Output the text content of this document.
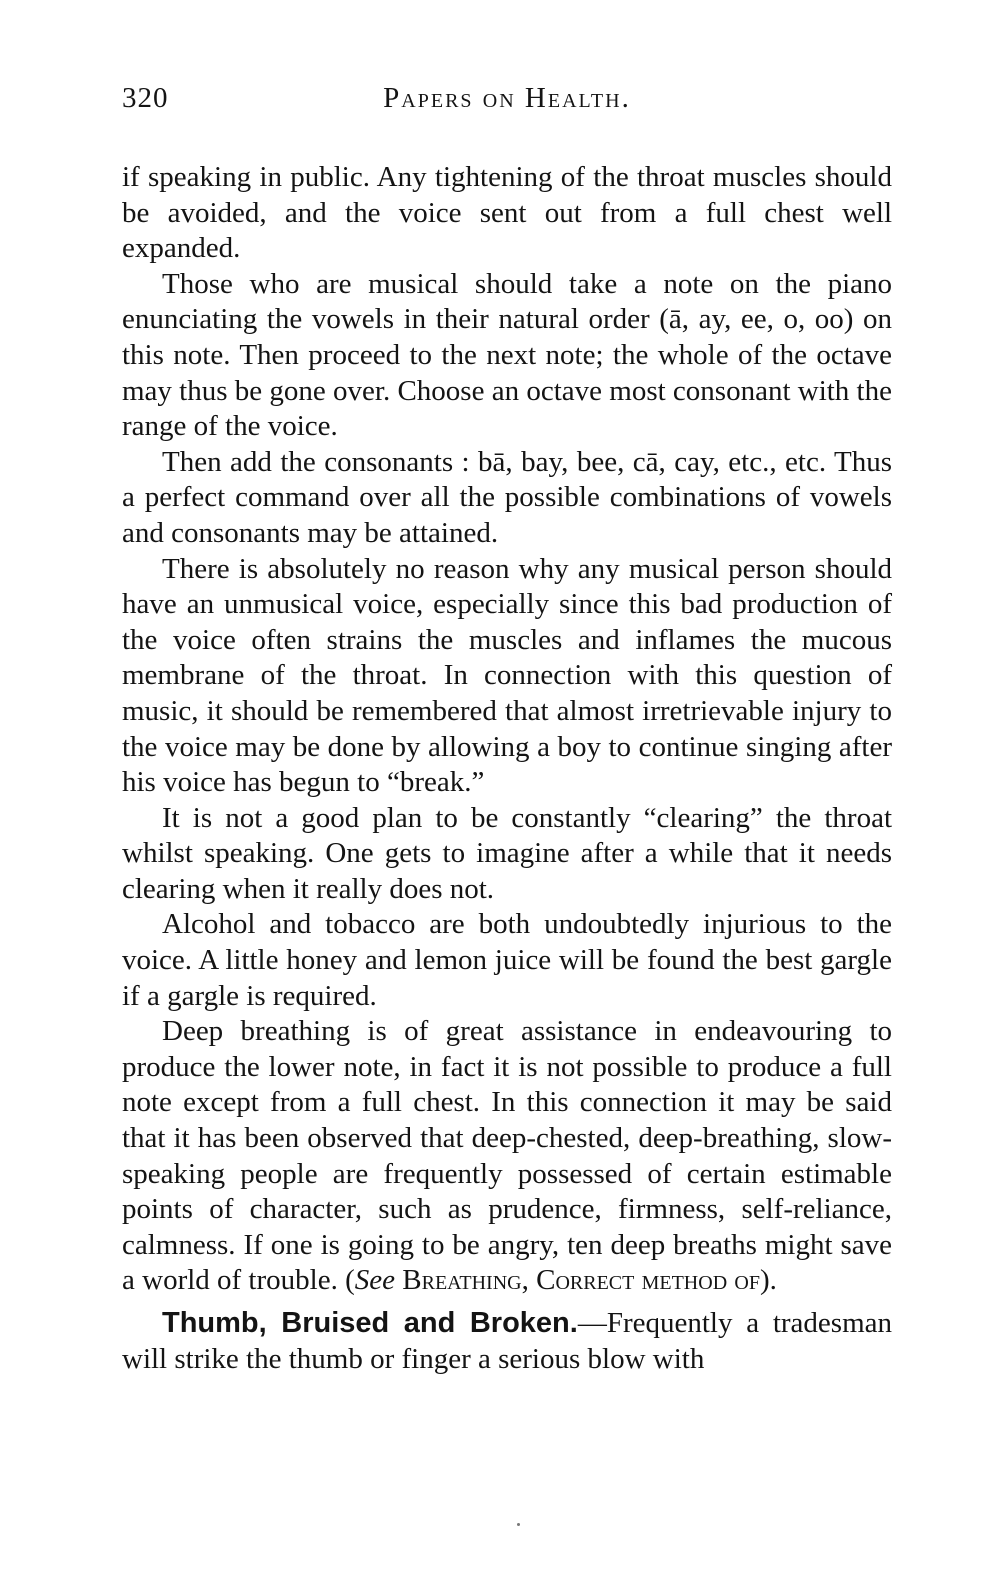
320	Papers on Health.

if speaking in public. Any tightening of the throat muscles should be avoided, and the voice sent out from a full chest well expanded.

Those who are musical should take a note on the piano enunciating the vowels in their natural order (ā, ay, ee, o, oo) on this note. Then proceed to the next note; the whole of the octave may thus be gone over. Choose an octave most consonant with the range of the voice.

Then add the consonants : bā, bay, bee, cā, cay, etc., etc. Thus a perfect command over all the possible combinations of vowels and consonants may be attained.

There is absolutely no reason why any musical person should have an unmusical voice, especially since this bad production of the voice often strains the muscles and inflames the mucous membrane of the throat. In connection with this question of music, it should be remembered that almost irretrievable injury to the voice may be done by allowing a boy to continue singing after his voice has begun to “break.”

It is not a good plan to be constantly “clearing” the throat whilst speaking. One gets to imagine after a while that it needs clearing when it really does not.

Alcohol and tobacco are both undoubtedly injurious to the voice. A little honey and lemon juice will be found the best gargle if a gargle is required.

Deep breathing is of great assistance in endeavouring to produce the lower note, in fact it is not possible to produce a full note except from a full chest. In this connection it may be said that it has been observed that deep-chested, deep-breathing, slow-speaking people are frequently possessed of certain estimable points of character, such as prudence, firmness, self-reliance, calmness. If one is going to be angry, ten deep breaths might save a world of trouble. (See Breathing, Correct method of).

Thumb, Bruised and Broken.—Frequently a tradesman will strike the thumb or finger a serious blow with
